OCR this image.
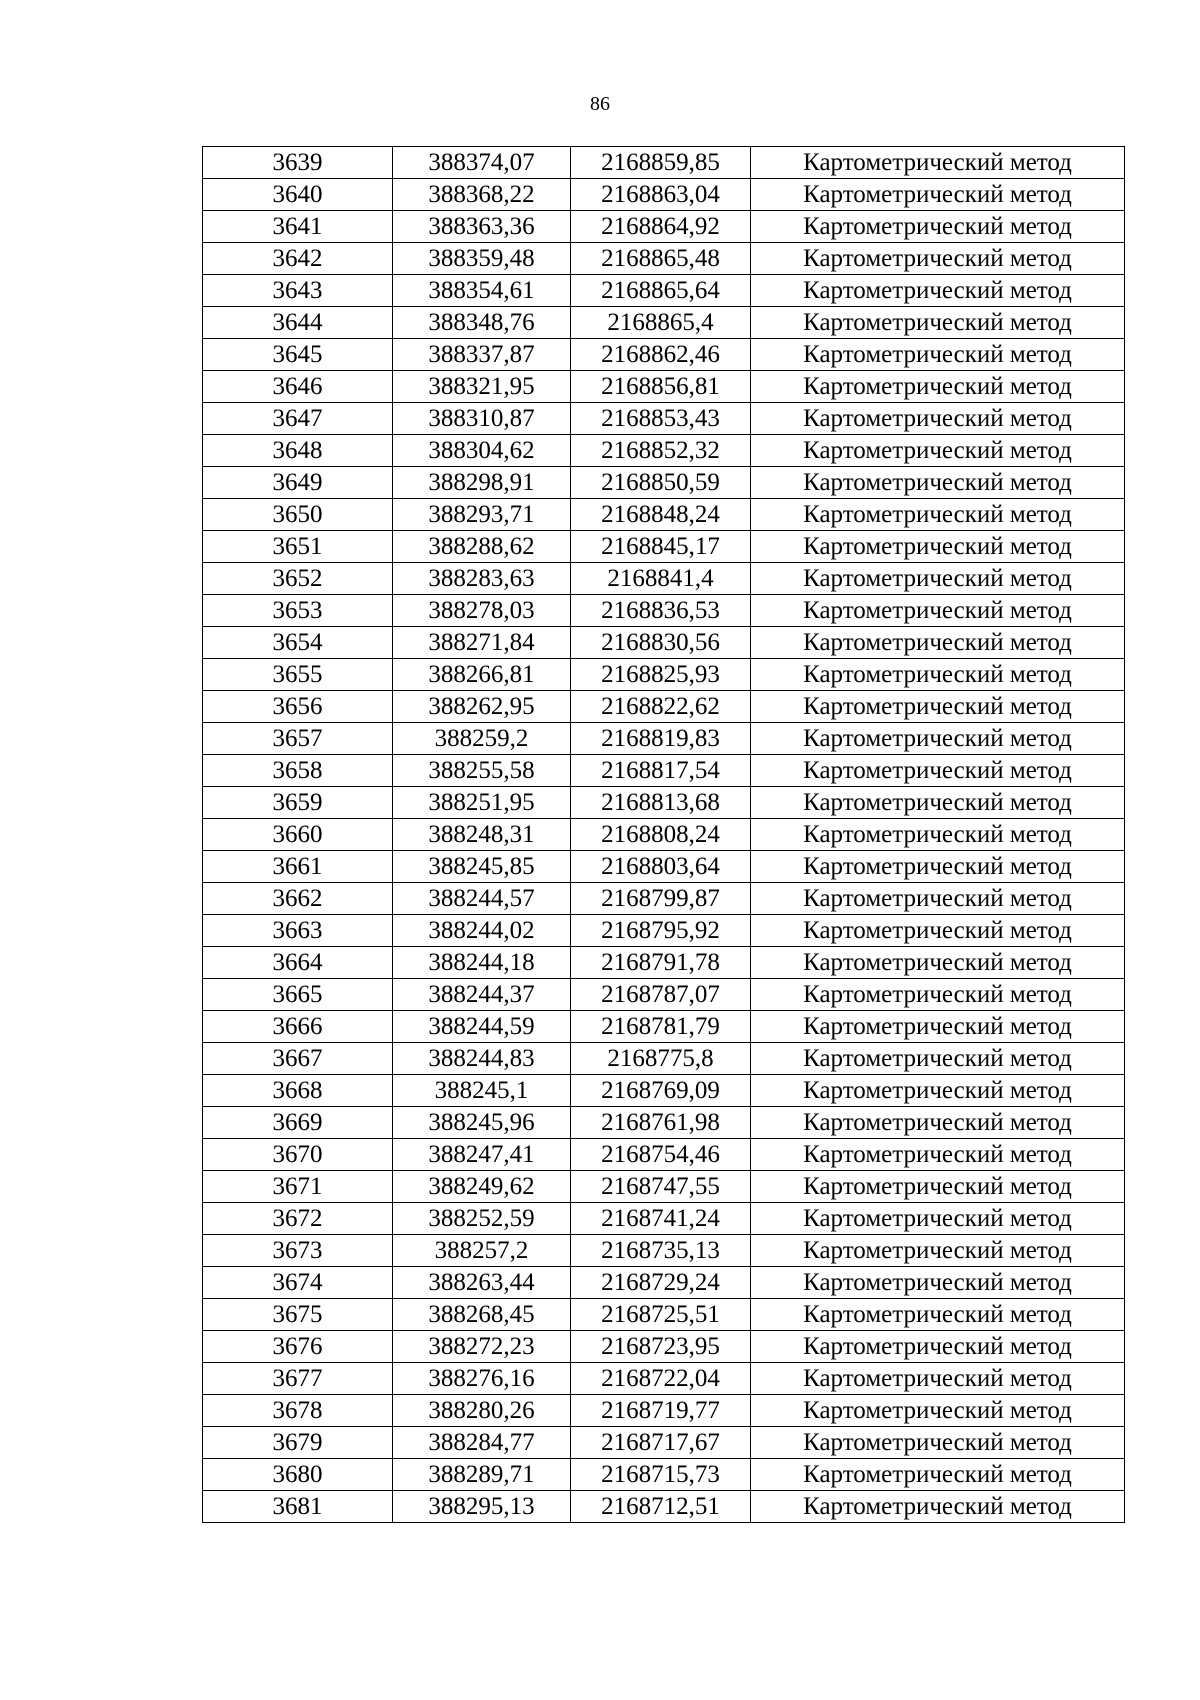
86
3639	388374,07	2168859,85	Картометрический метод
3640	388368,22	2168863,04	Картометрический метод
3641	388363,36	2168864,92	Картометрический метод
3642	388359,48	2168865,48	Картометрический метод
3643	388354,61	2168865,64	Картометрический метод
3644	388348,76	2168865,4	Картометрический метод
3645	388337,87	2168862,46	Картометрический метод
3646	388321,95	2168856,81	Картометрический метод
3647	388310,87	2168853,43	Картометрический метод
3648	388304,62	2168852,32	Картометрический метод
3649	388298,91	2168850,59	Картометрический метод
3650	388293,71	2168848,24	Картометрический метод
3651	388288,62	2168845,17	Картометрический метод
3652	388283,63	2168841,4	Картометрический метод
3653	388278,03	2168836,53	Картометрический метод
3654	388271,84	2168830,56	Картометрический метод
3655	388266,81	2168825,93	Картометрический метод
3656	388262,95	2168822,62	Картометрический метод
3657	388259,2	2168819,83	Картометрический метод
3658	388255,58	2168817,54	Картометрический метод
3659	388251,95	2168813,68	Картометрический метод
3660	388248,31	2168808,24	Картометрический метод
3661	388245,85	2168803,64	Картометрический метод
3662	388244,57	2168799,87	Картометрический метод
3663	388244,02	2168795,92	Картометрический метод
3664	388244,18	2168791,78	Картометрический метод
3665	388244,37	2168787,07	Картометрический метод
3666	388244,59	2168781,79	Картометрический метод
3667	388244,83	2168775,8	Картометрический метод
3668	388245,1	2168769,09	Картометрический метод
3669	388245,96	2168761,98	Картометрический метод
3670	388247,41	2168754,46	Картометрический метод
3671	388249,62	2168747,55	Картометрический метод
3672	388252,59	2168741,24	Картометрический метод
3673	388257,2	2168735,13	Картометрический метод
3674	388263,44	2168729,24	Картометрический метод
3675	388268,45	2168725,51	Картометрический метод
3676	388272,23	2168723,95	Картометрический метод
3677	388276,16	2168722,04	Картометрический метод
3678	388280,26	2168719,77	Картометрический метод
3679	388284,77	2168717,67	Картометрический метод
3680	388289,71	2168715,73	Картометрический метод
3681	388295,13	2168712,51	Картометрический метод
